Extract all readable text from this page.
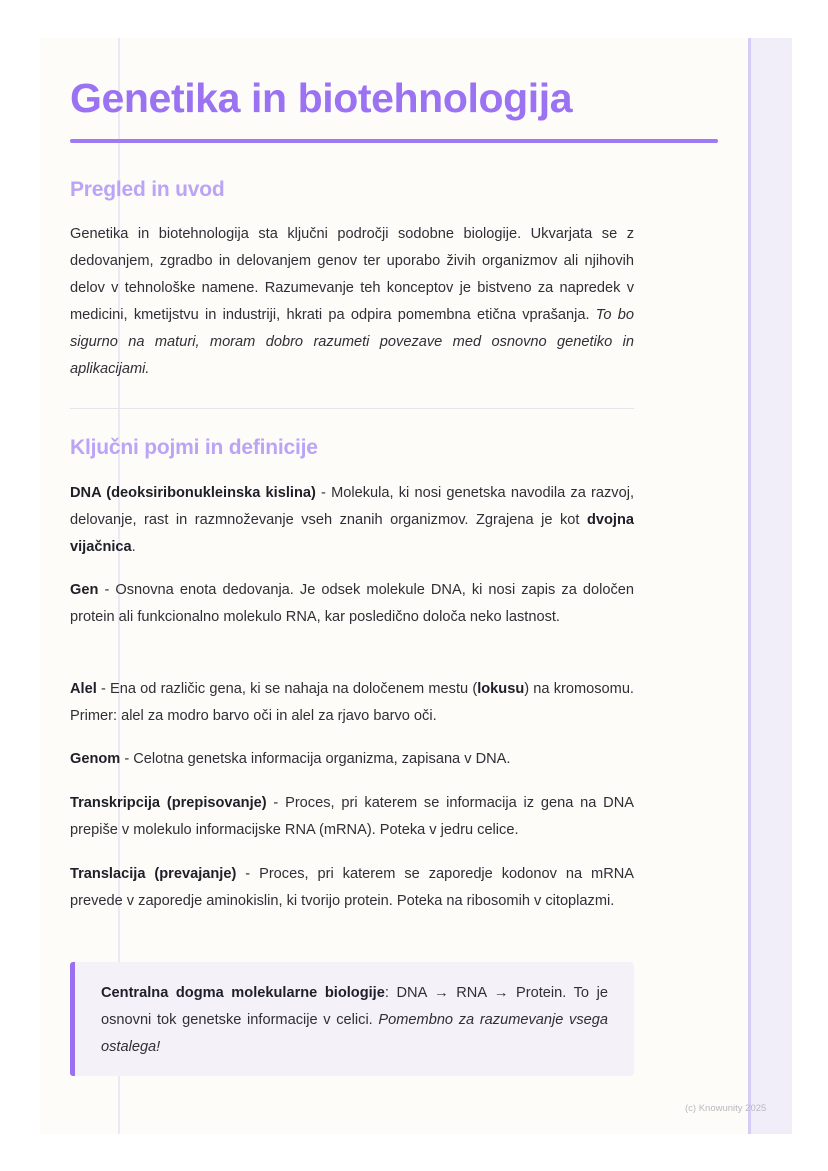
Genetika in biotehnologija
Pregled in uvod

Genetika in biotehnologija sta ključni področji sodobne biologije. Ukvarjata se z dedovanjem, zgradbo in delovanjem genov ter uporabo živih organizmov ali njihovih delov v tehnološke namene. Razumevanje teh konceptov je bistveno za napredek v medicini, kmetijstvu in industriji, hkrati pa odpira pomembna etična vprašanja. To bo sigurno na maturi, moram dobro razumeti povezave med osnovno genetiko in aplikacijami.

Ključni pojmi in definicije

DNA (deoksiribonukleinska kislina) - Molekula, ki nosi genetska navodila za razvoj, delovanje, rast in razmnoževanje vseh znanih organizmov. Zgrajena je kot dvojna vijačnica.

Gen - Osnovna enota dedovanja. Je odsek molekule DNA, ki nosi zapis za določen protein ali funkcionalno molekulo RNA, kar posledično določa neko lastnost.

Alel - Ena od različic gena, ki se nahaja na določenem mestu (lokusu) na kromosomu. Primer: alel za modro barvo oči in alel za rjavo barvo oči.

Genom - Celotna genetska informacija organizma, zapisana v DNA.

Transkripcija (prepisovanje) - Proces, pri katerem se informacija iz gena na DNA prepiše v molekulo informacijske RNA (mRNA). Poteka v jedru celice.

Translacija (prevajanje) - Proces, pri katerem se zaporedje kodonov na mRNA prevede v zaporedje aminokislin, ki tvorijo protein. Poteka na ribosomih v citoplazmi.

Centralna dogma molekularne biologije: DNA → RNA → Protein. To je osnovni tok genetske informacije v celici. Pomembno za razumevanje vsega ostalega!

(c) Knowunity 2025
